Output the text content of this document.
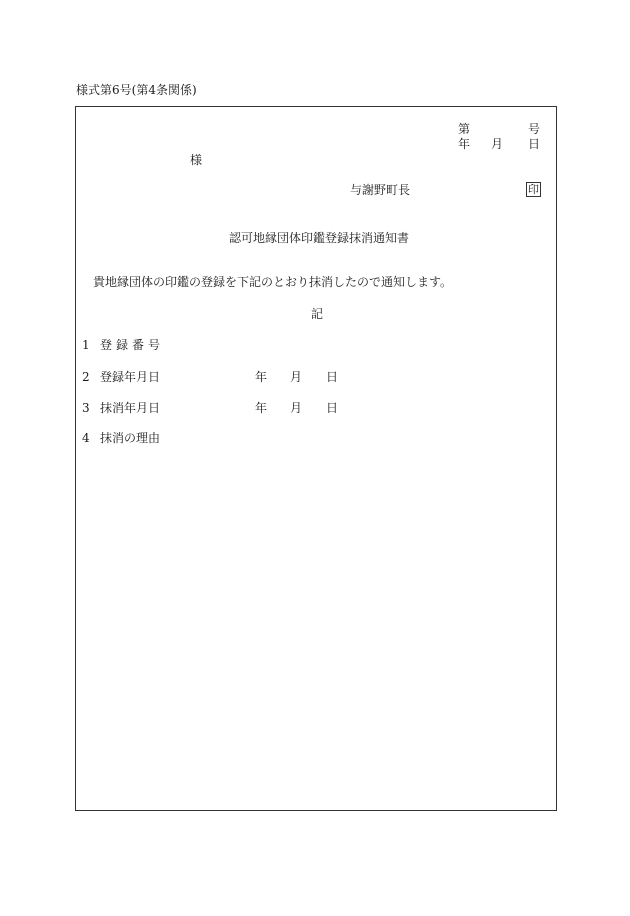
様式第6号(第4条関係)
第	号
年 月 日
様
与謝野町長	印
認可地縁団体印鑑登録抹消通知書
貴地縁団体の印鑑の登録を下記のとおり抹消したので通知します。
記
1 登録番号
2 登録年月日	年 月 日
3 抹消年月日	年 月 日
4 抹消の理由
